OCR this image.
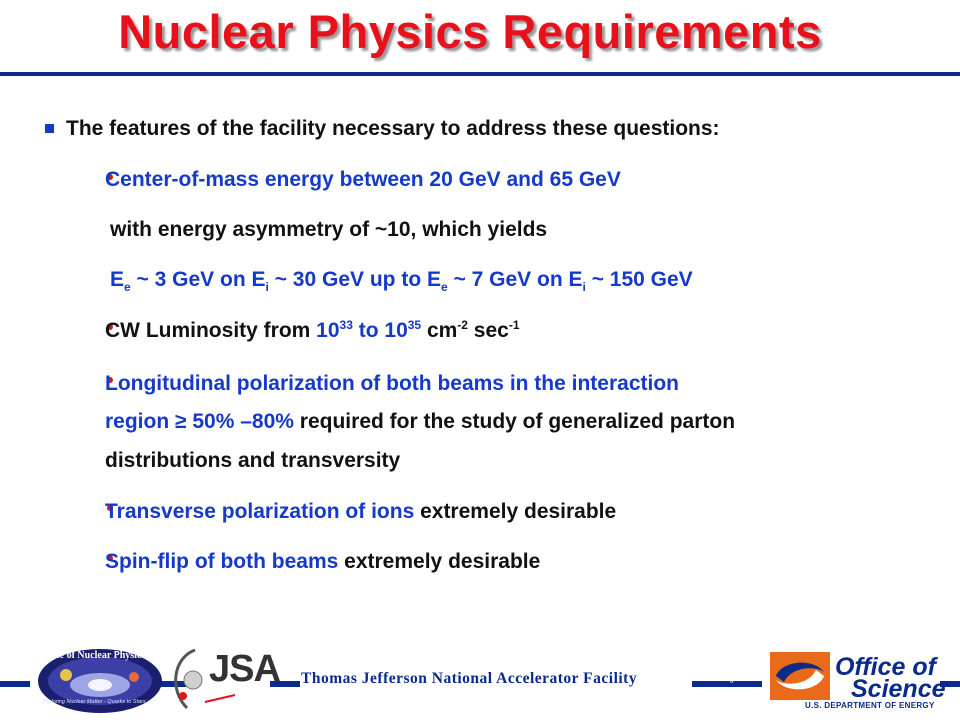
Nuclear Physics Requirements
The features of the facility necessary to address these questions:
Center-of-mass energy between 20 GeV and 65 GeV
with energy asymmetry of ~10, which yields
$E_e$ ~ 3 GeV on $E_i$ ~ 30 GeV up to $E_e$ ~ 7 GeV on $E_i$ ~ 150 GeV
CW Luminosity from $10^{33}$ to $10^{35}$ $cm^{-2}$ $\sec^{-1}$
Longitudinal polarization of both beams in the interaction
region ≥ 50% –80% required for the study of generalized parton
distributions and transversity
Transverse polarization of ions extremely desirable
Spin-flip of both beams extremely desirable
Thomas Jefferson National Accelerator Facility	Page 6
Office of Nuclear Physics
Exploring Nuclear Matter - Quarks to Stars
JSA	Office of
Science
U.S. DEPARTMENT OF ENERGY
